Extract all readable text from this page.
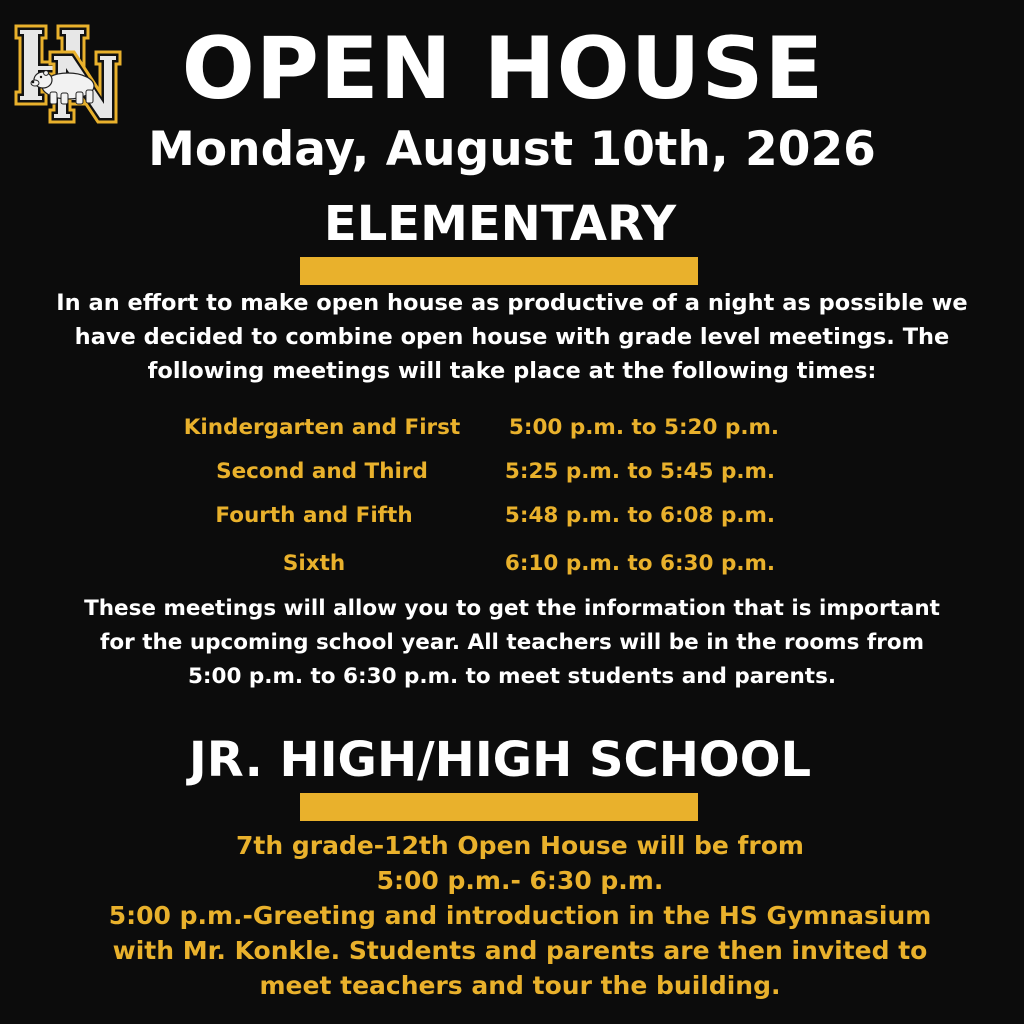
OPEN HOUSE
Monday, August 10th, 2026
ELEMENTARY
In an effort to make open house as productive of a night as possible we
have decided to combine open house with grade level meetings. The
following meetings will take place at the following times:
Kindergarten and First	5:00 p.m. to 5:20 p.m.
Second and Third	5:25 p.m. to 5:45 p.m.
Fourth and Fifth	5:48 p.m. to 6:08 p.m.
Sixth	6:10 p.m. to 6:30 p.m.
These meetings will allow you to get the information that is important
for the upcoming school year. All teachers will be in the rooms from
5:00 p.m. to 6:30 p.m. to meet students and parents.
JR. HIGH/HIGH SCHOOL
7th grade-12th Open House will be from
5:00 p.m.- 6:30 p.m.
5:00 p.m.-Greeting and introduction in the HS Gymnasium
with Mr. Konkle. Students and parents are then invited to
meet teachers and tour the building.
